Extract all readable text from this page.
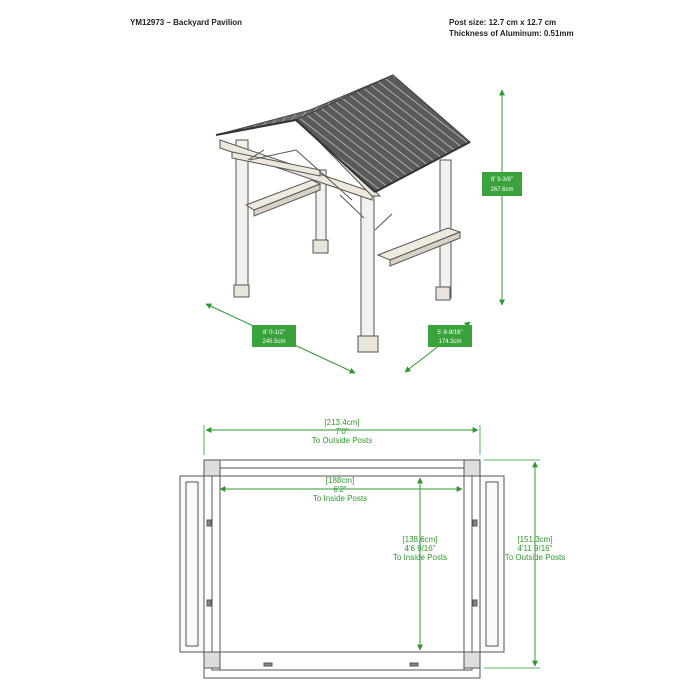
YM12973 – Backyard Pavilion	Post size: 12.7 cm x 12.7 cm
Thickness of Aluminum: 0.51mm
8' 9-3/8"
267.6cm
8' 0-1/2"
245.5cm
5' 8-9/16"
174.3cm
[213.4cm]
7'0"
To Outside Posts
[188cm]
6'2"
To Inside Posts
[138.6cm]
4'6 9/16"
To Inside Posts
[151.3cm]
4'11 9/16"
To Outside Posts
